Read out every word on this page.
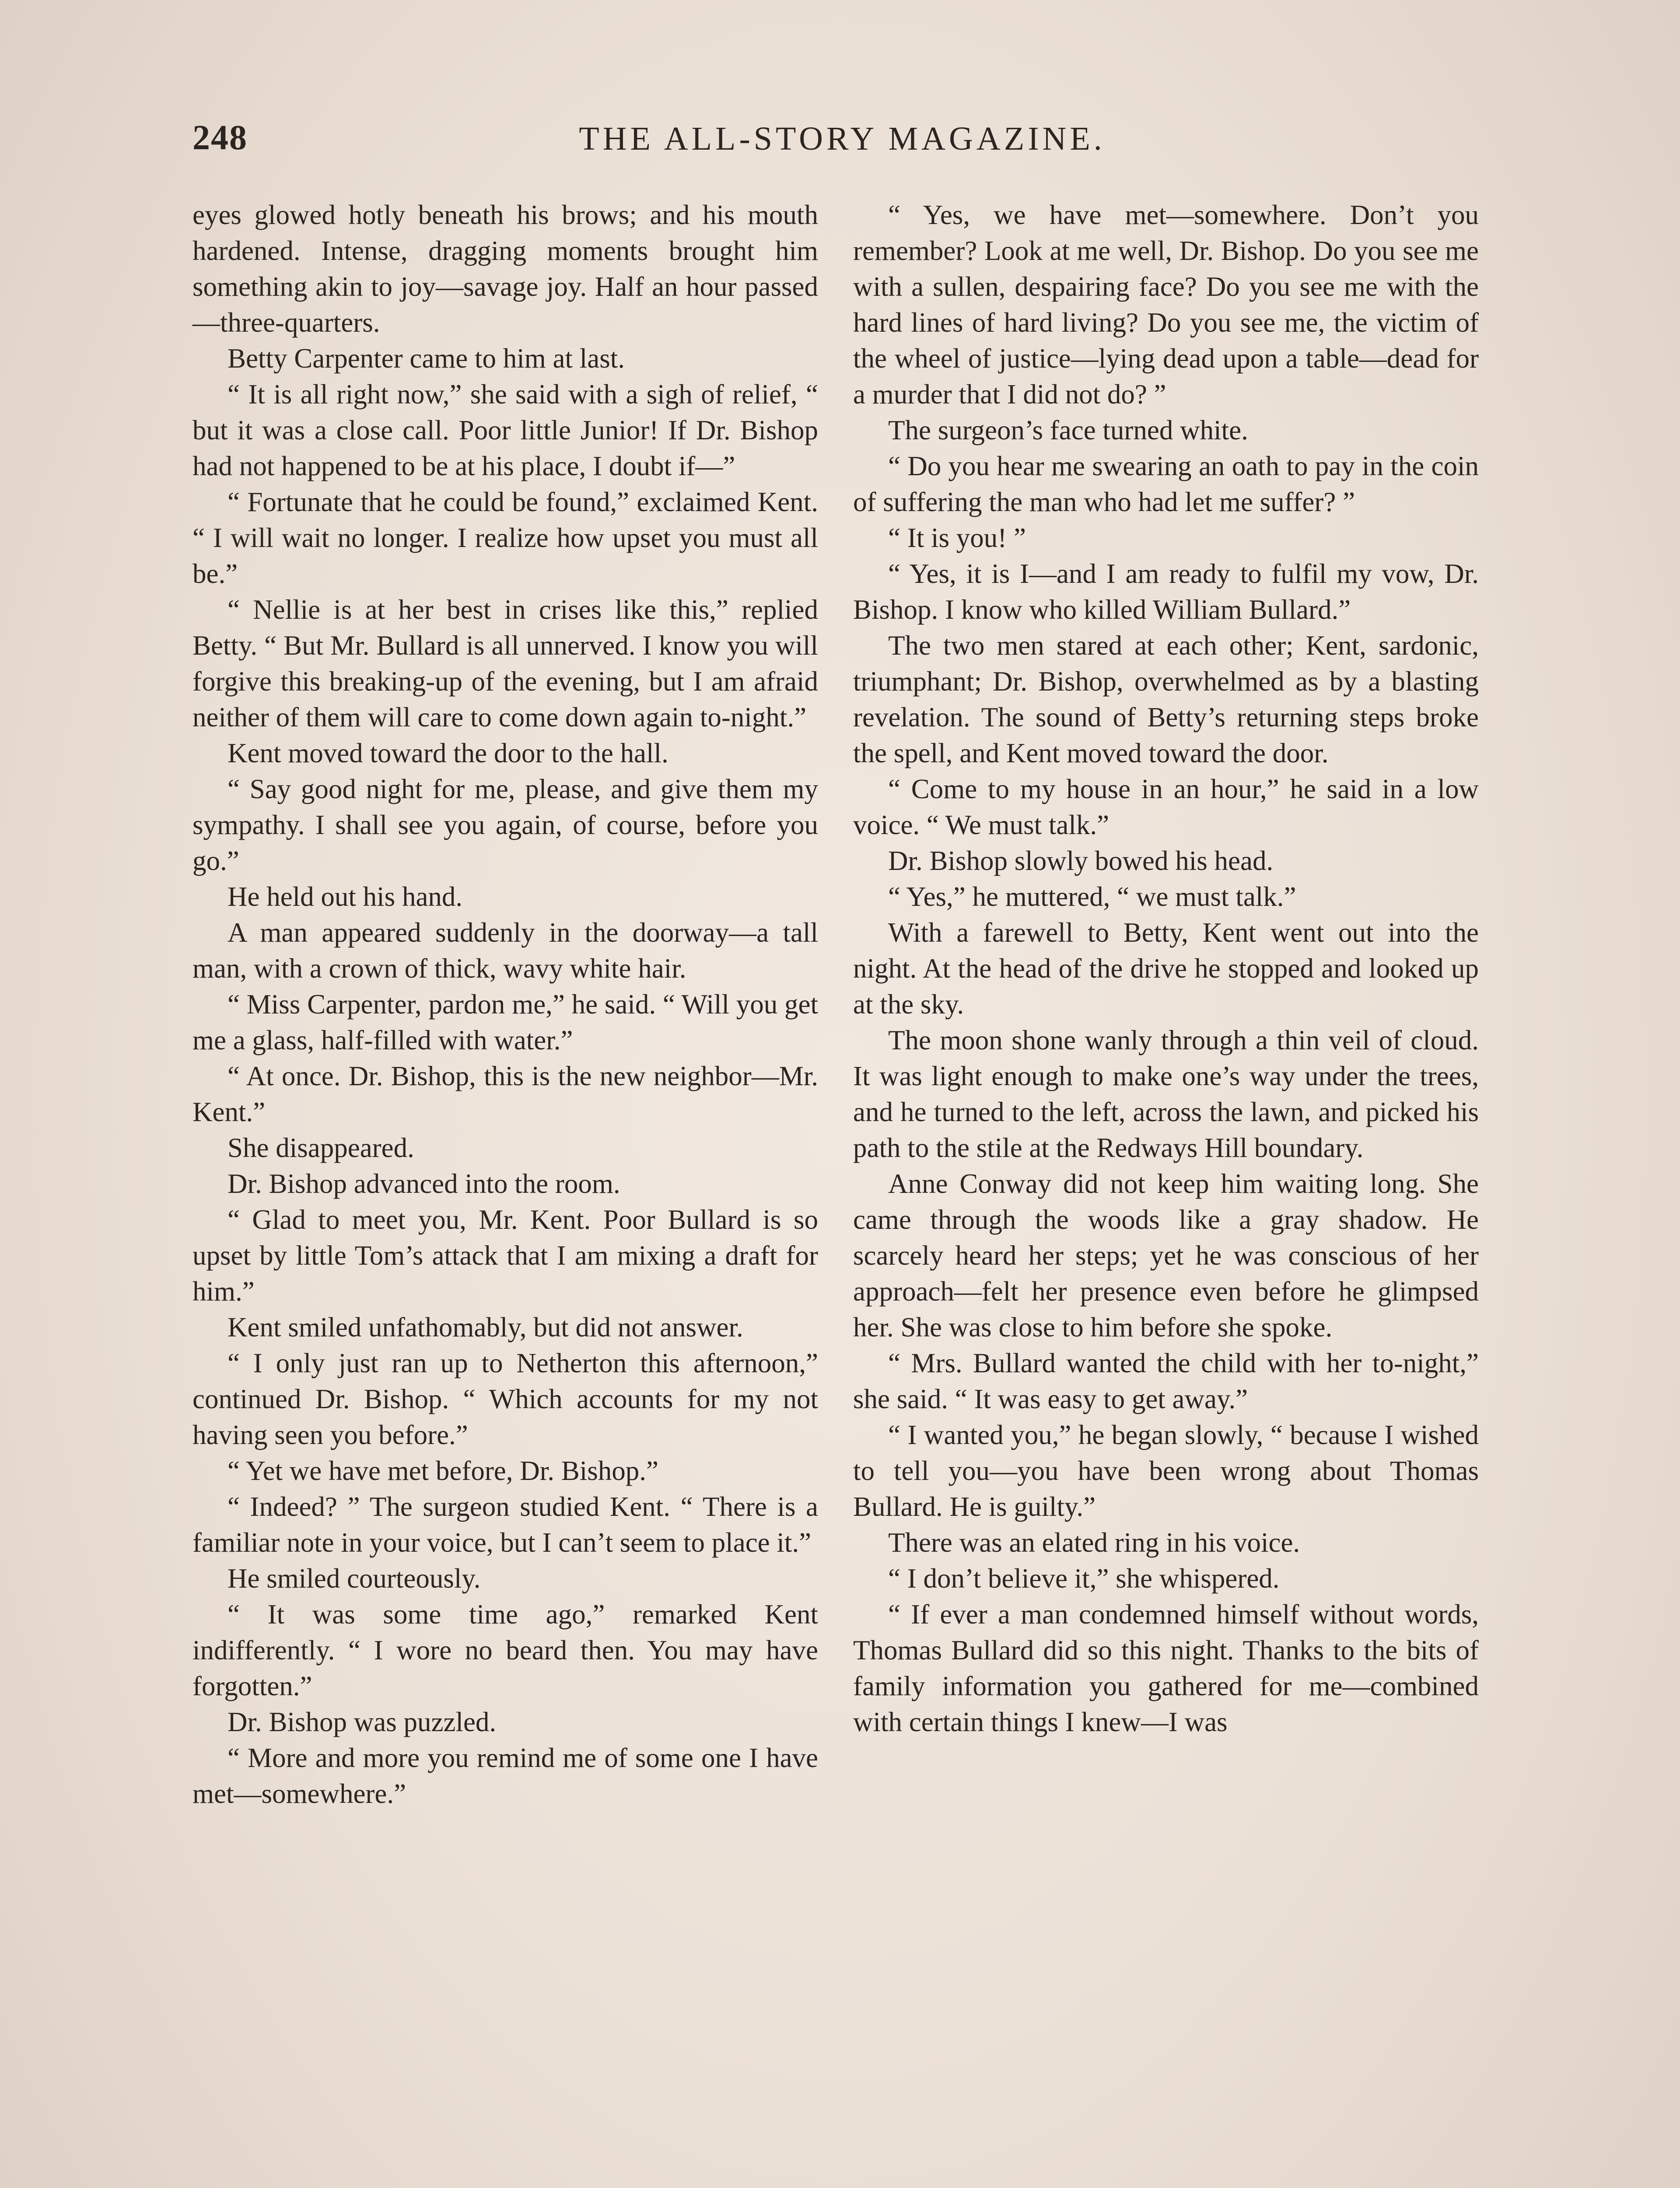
248	THE ALL-STORY MAGAZINE.

eyes glowed hotly beneath his brows; and his mouth hardened. Intense, dragging moments brought him something akin to joy—savage joy. Half an hour passed—three-quarters.

Betty Carpenter came to him at last.

“ It is all right now,” she said with a sigh of relief, “ but it was a close call. Poor little Junior! If Dr. Bishop had not happened to be at his place, I doubt if—”

“ Fortunate that he could be found,” exclaimed Kent. “ I will wait no longer. I realize how upset you must all be.”

“ Nellie is at her best in crises like this,” replied Betty. “ But Mr. Bullard is all unnerved. I know you will forgive this breaking-up of the evening, but I am afraid neither of them will care to come down again to-night.”

Kent moved toward the door to the hall.

“ Say good night for me, please, and give them my sympathy. I shall see you again, of course, before you go.”

He held out his hand.

A man appeared suddenly in the doorway—a tall man, with a crown of thick, wavy white hair.

“ Miss Carpenter, pardon me,” he said. “ Will you get me a glass, half-filled with water.”

“ At once. Dr. Bishop, this is the new neighbor—Mr. Kent.”

She disappeared.

Dr. Bishop advanced into the room.

“ Glad to meet you, Mr. Kent. Poor Bullard is so upset by little Tom’s attack that I am mixing a draft for him.”

Kent smiled unfathomably, but did not answer.

“ I only just ran up to Netherton this afternoon,” continued Dr. Bishop. “ Which accounts for my not having seen you before.”

“ Yet we have met before, Dr. Bishop.”

“ Indeed? ” The surgeon studied Kent. “ There is a familiar note in your voice, but I can’t seem to place it.”

He smiled courteously.

“ It was some time ago,” remarked Kent indifferently. “ I wore no beard then. You may have forgotten.”

Dr. Bishop was puzzled.

“ More and more you remind me of some one I have met—somewhere.”

“ Yes, we have met—somewhere. Don’t you remember? Look at me well, Dr. Bishop. Do you see me with a sullen, despairing face? Do you see me with the hard lines of hard living? Do you see me, the victim of the wheel of justice—lying dead upon a table—dead for a murder that I did not do? ”

The surgeon’s face turned white.

“ Do you hear me swearing an oath to pay in the coin of suffering the man who had let me suffer? ”

“ It is you! ”

“ Yes, it is I—and I am ready to fulfil my vow, Dr. Bishop. I know who killed William Bullard.”

The two men stared at each other; Kent, sardonic, triumphant; Dr. Bishop, overwhelmed as by a blasting revelation. The sound of Betty’s returning steps broke the spell, and Kent moved toward the door.

“ Come to my house in an hour,” he said in a low voice. “ We must talk.”

Dr. Bishop slowly bowed his head.

“ Yes,” he muttered, “ we must talk.”

With a farewell to Betty, Kent went out into the night. At the head of the drive he stopped and looked up at the sky.

The moon shone wanly through a thin veil of cloud. It was light enough to make one’s way under the trees, and he turned to the left, across the lawn, and picked his path to the stile at the Redways Hill boundary.

Anne Conway did not keep him waiting long. She came through the woods like a gray shadow. He scarcely heard her steps; yet he was conscious of her approach—felt her presence even before he glimpsed her. She was close to him before she spoke.

“ Mrs. Bullard wanted the child with her to-night,” she said. “ It was easy to get away.”

“ I wanted you,” he began slowly, “ because I wished to tell you—you have been wrong about Thomas Bullard. He is guilty.”

There was an elated ring in his voice.

“ I don’t believe it,” she whispered.

“ If ever a man condemned himself without words, Thomas Bullard did so this night. Thanks to the bits of family information you gathered for me—combined with certain things I knew—I was
